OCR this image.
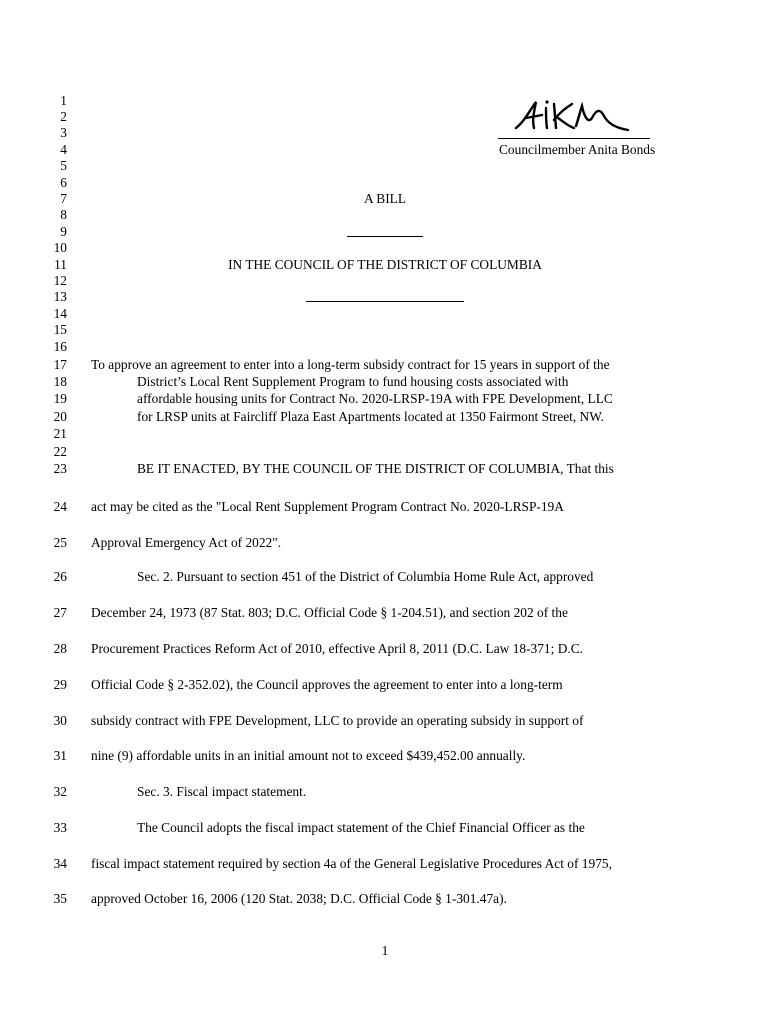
1
2
3
4
5
6
7
8
9
10
11
12
13
14
15
16
17
18
19
20
21
22
23
Councilmember Anita Bonds
A BILL
IN THE COUNCIL OF THE DISTRICT OF COLUMBIA
To approve an agreement to enter into a long-term subsidy contract for 15 years in support of the
District’s Local Rent Supplement Program to fund housing costs associated with
affordable housing units for Contract No. 2020-LRSP-19A with FPE Development, LLC
for LRSP units at Faircliff Plaza East Apartments located at 1350 Fairmont Street, NW.
BE IT ENACTED, BY THE COUNCIL OF THE DISTRICT OF COLUMBIA, That this
24 act may be cited as the "Local Rent Supplement Program Contract No. 2020-LRSP-19A
25 Approval Emergency Act of 2022".
26	Sec. 2. Pursuant to section 451 of the District of Columbia Home Rule Act, approved
27 December 24, 1973 (87 Stat. 803; D.C. Official Code § 1-204.51), and section 202 of the
28 Procurement Practices Reform Act of 2010, effective April 8, 2011 (D.C. Law 18-371; D.C.
29 Official Code § 2-352.02), the Council approves the agreement to enter into a long-term
30 subsidy contract with FPE Development, LLC to provide an operating subsidy in support of
31 nine (9) affordable units in an initial amount not to exceed $439,452.00 annually.
32	Sec. 3. Fiscal impact statement.
33	The Council adopts the fiscal impact statement of the Chief Financial Officer as the
34 fiscal impact statement required by section 4a of the General Legislative Procedures Act of 1975,
35 approved October 16, 2006 (120 Stat. 2038; D.C. Official Code § 1-301.47a).
1
